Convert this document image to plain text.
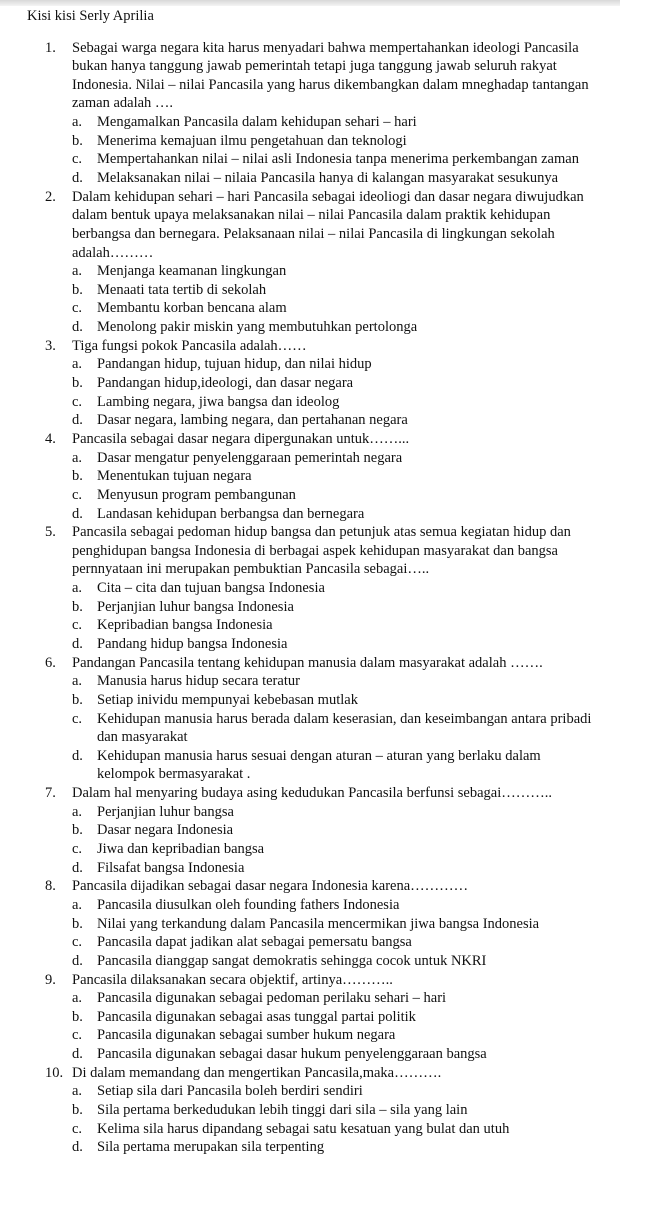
Kisi kisi Serly Aprilia
1. Sebagai warga negara kita harus menyadari bahwa mempertahankan ideologi Pancasila
bukan hanya tanggung jawab pemerintah tetapi juga tanggung jawab seluruh rakyat
Indonesia. Nilai – nilai Pancasila yang harus dikembangkan dalam mneghadap tantangan
zaman adalah ….
a. Mengamalkan Pancasila dalam kehidupan sehari – hari
b. Menerima kemajuan ilmu pengetahuan dan teknologi
c. Mempertahankan nilai – nilai asli Indonesia tanpa menerima perkembangan zaman
d. Melaksanakan nilai – nilaia Pancasila hanya di kalangan masyarakat sesukunya
2. Dalam kehidupan sehari – hari Pancasila sebagai ideoliogi dan dasar negara diwujudkan
dalam bentuk upaya melaksanakan nilai – nilai Pancasila dalam praktik kehidupan
berbangsa dan bernegara. Pelaksanaan nilai – nilai Pancasila di lingkungan sekolah
adalah………
a. Menjanga keamanan lingkungan
b. Menaati tata tertib di sekolah
c. Membantu korban bencana alam
d. Menolong pakir miskin yang membutuhkan pertolonga
3. Tiga fungsi pokok Pancasila adalah……
a. Pandangan hidup, tujuan hidup, dan nilai hidup
b. Pandangan hidup,ideologi, dan dasar negara
c. Lambing negara, jiwa bangsa dan ideolog
d. Dasar negara, lambing negara, dan pertahanan negara
4. Pancasila sebagai dasar negara dipergunakan untuk……...
a. Dasar mengatur penyelenggaraan pemerintah negara
b. Menentukan tujuan negara
c. Menyusun program pembangunan
d. Landasan kehidupan berbangsa dan bernegara
5. Pancasila sebagai pedoman hidup bangsa dan petunjuk atas semua kegiatan hidup dan
penghidupan bangsa Indonesia di berbagai aspek kehidupan masyarakat dan bangsa
pernnyataan ini merupakan pembuktian Pancasila sebagai…..
a. Cita – cita dan tujuan bangsa Indonesia
b. Perjanjian luhur bangsa Indonesia
c. Kepribadian bangsa Indonesia
d. Pandang hidup bangsa Indonesia
6. Pandangan Pancasila tentang kehidupan manusia dalam masyarakat adalah …….
a. Manusia harus hidup secara teratur
b. Setiap inividu mempunyai kebebasan mutlak
c. Kehidupan manusia harus berada dalam keserasian, dan keseimbangan antara pribadi
dan masyarakat
d. Kehidupan manusia harus sesuai dengan aturan – aturan yang berlaku dalam
kelompok bermasyarakat .
7. Dalam hal menyaring budaya asing kedudukan Pancasila berfunsi sebagai………..
a. Perjanjian luhur bangsa
b. Dasar negara Indonesia
c. Jiwa dan kepribadian bangsa
d. Filsafat bangsa Indonesia
8. Pancasila dijadikan sebagai dasar negara Indonesia karena…………
a. Pancasila diusulkan oleh founding fathers Indonesia
b. Nilai yang terkandung dalam Pancasila mencermikan jiwa bangsa Indonesia
c. Pancasila dapat jadikan alat sebagai pemersatu bangsa
d. Pancasila dianggap sangat demokratis sehingga cocok untuk NKRI
9. Pancasila dilaksanakan secara objektif, artinya………..
a. Pancasila digunakan sebagai pedoman perilaku sehari – hari
b. Pancasila digunakan sebagai asas tunggal partai politik
c. Pancasila digunakan sebagai sumber hukum negara
d. Pancasila digunakan sebagai dasar hukum penyelenggaraan bangsa
10. Di dalam memandang dan mengertikan Pancasila,maka……….
a. Setiap sila dari Pancasila boleh berdiri sendiri
b. Sila pertama berkedudukan lebih tinggi dari sila – sila yang lain
c. Kelima sila harus dipandang sebagai satu kesatuan yang bulat dan utuh
d. Sila pertama merupakan sila terpenting
